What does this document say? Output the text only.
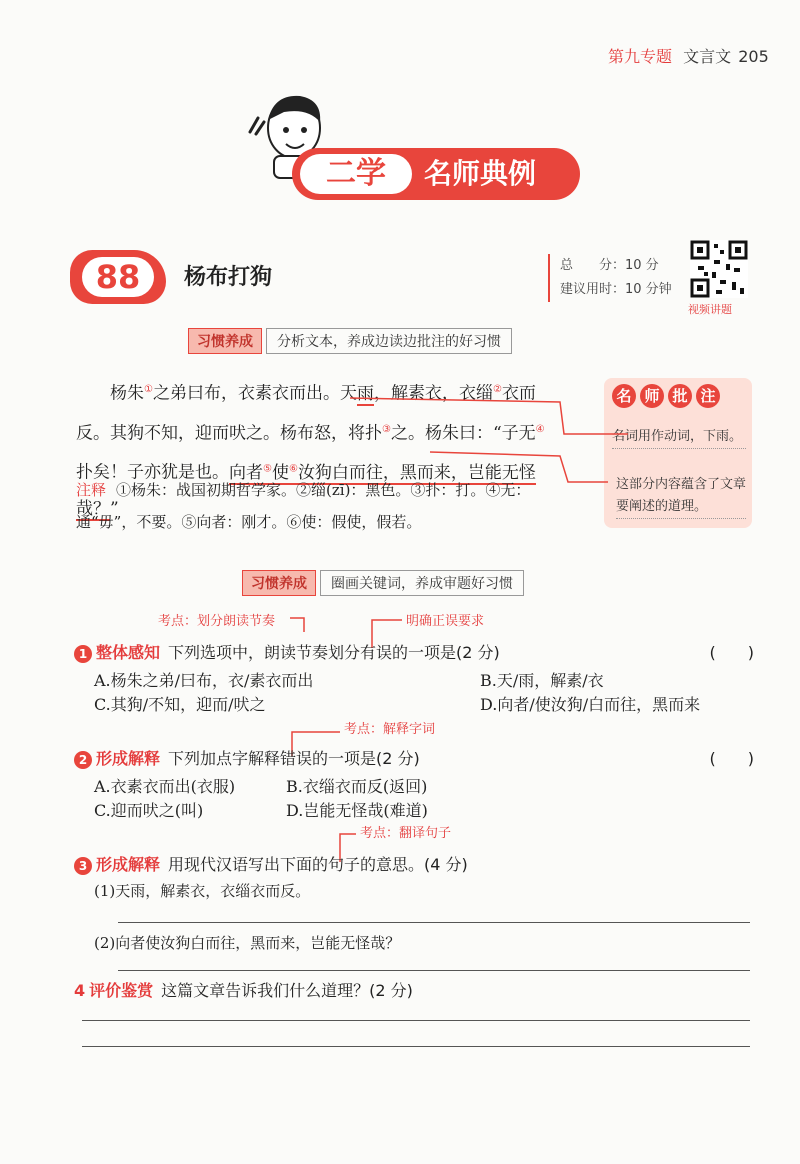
第九专题 文言文 205
二学	名师典例
88	杨布打狗	总　　分：10 分
建议用时：10 分钟
视频讲题
习惯养成 分析文本，养成边读边批注的好习惯
杨朱①之弟曰布，衣素衣而出。天雨，解素衣，衣缁②衣而反。其狗不知，迎而吠之。杨布怒，将扑③之。杨朱曰：“子无④扑矣！子亦犹是也。向者⑤使⑥汝狗白而往，黑而来，岂能无怪哉？”
注释 ①杨朱：战国初期哲学家。②缁(zī)：黑色。③扑：打。④无：通“毋”，不要。⑤向者：刚才。⑥使：假使，假若。
名 师 批 注
名词用作动词，下雨。
这部分内容蕴含了文章要阐述的道理。
习惯养成 圈画关键词，养成审题好习惯
考点：划分朗读节奏	明确正误要求
考点：解释字词
考点：翻译句子
1 整体感知 下列选项中，朗读节奏划分有误的一项是(2 分)	(　　)
A.杨朱之弟/曰布，衣/素衣而出	B.天/雨，解素/衣
C.其狗/不知，迎而/吠之	D.向者/使汝狗/白而往，黑而来
2 形成解释 下列加点字解释错误的一项是(2 分)	(　　)
A.衣素衣而出(衣服)	B.衣缁衣而反(返回)
C.迎而吠之(叫)	D.岂能无怪哉(难道)
3 形成解释 用现代汉语写出下面的句子的意思。(4 分)
(1)天雨，解素衣，衣缁衣而反。
(2)向者使汝狗白而往，黑而来，岂能无怪哉？
4 评价鉴赏 这篇文章告诉我们什么道理？(2 分)
